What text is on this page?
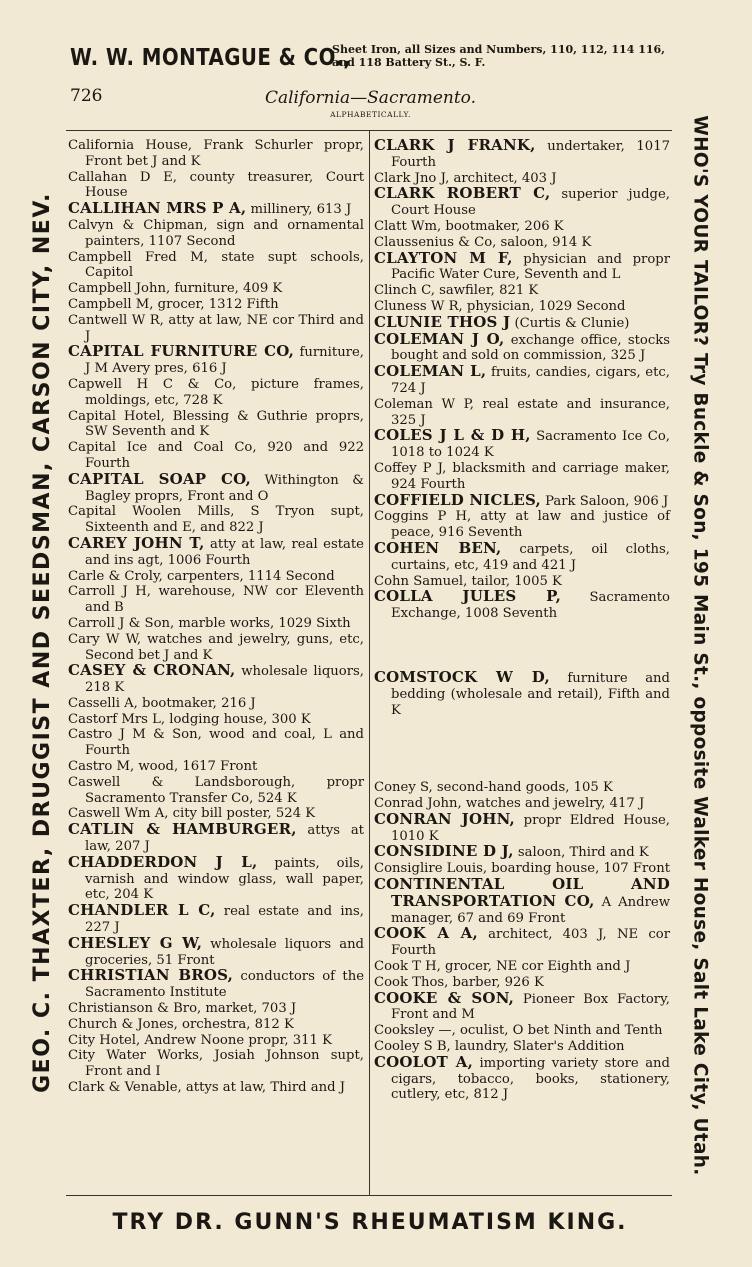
W. W. MONTAGUE & CO.,
Sheet Iron, all Sizes and Numbers, 110, 112, 114 116, and 118 Battery St., S. F.
GEO. C. THAXTER, DRUGGIST AND SEEDSMAN, CARSON CITY, NEV.	WHO'S YOUR TAILOR? Try Buckle & Son, 195 Main St., opposite Walker House, Salt Lake City, Utah.
726	California—Sacramento.
ALPHABETICALLY.
California House, Frank Schurler propr, Front bet J and K
Callahan D E, county treasurer, Court House
CALLIHAN MRS P A, millinery, 613 J
Calvyn & Chipman, sign and ornamental painters, 1107 Second
Campbell Fred M, state supt schools, Capitol
Campbell John, furniture, 409 K
Campbell M, grocer, 1312 Fifth
Cantwell W R, atty at law, NE cor Third and J
CAPITAL FURNITURE CO, furniture, J M Avery pres, 616 J
Capwell H C & Co, picture frames, moldings, etc, 728 K
Capital Hotel, Blessing & Guthrie proprs, SW Seventh and K
Capital Ice and Coal Co, 920 and 922 Fourth
CAPITAL SOAP CO, Withington & Bagley proprs, Front and O
Capital Woolen Mills, S Tryon supt, Sixteenth and E, and 822 J
CAREY JOHN T, atty at law, real estate and ins agt, 1006 Fourth
Carle & Croly, carpenters, 1114 Second
Carroll J H, warehouse, NW cor Eleventh and B
Carroll J & Son, marble works, 1029 Sixth
Cary W W, watches and jewelry, guns, etc, Second bet J and K
CASEY & CRONAN, wholesale liquors, 218 K
Casselli A, bootmaker, 216 J
Castorf Mrs L, lodging house, 300 K
Castro J M & Son, wood and coal, L and Fourth
Castro M, wood, 1617 Front
Caswell & Landsborough, propr Sacramento Transfer Co, 524 K
Caswell Wm A, city bill poster, 524 K
CATLIN & HAMBURGER, attys at law, 207 J
CHADDERDON J L, paints, oils, varnish and window glass, wall paper, etc, 204 K
CHANDLER L C, real estate and ins, 227 J
CHESLEY G W, wholesale liquors and groceries, 51 Front
CHRISTIAN BROS, conductors of the Sacramento Institute
Christianson & Bro, market, 703 J
Church & Jones, orchestra, 812 K
City Hotel, Andrew Noone propr, 311 K
City Water Works, Josiah Johnson supt, Front and I
Clark & Venable, attys at law, Third and J
CLARK J FRANK, undertaker, 1017 Fourth
Clark Jno J, architect, 403 J
CLARK ROBERT C, superior judge, Court House
Clatt Wm, bootmaker, 206 K
Claussenius & Co, saloon, 914 K
CLAYTON M F, physician and propr Pacific Water Cure, Seventh and L
Clinch C, sawfiler, 821 K
Cluness W R, physician, 1029 Second
CLUNIE THOS J (Curtis & Clunie)
COLEMAN J O, exchange office, stocks bought and sold on commission, 325 J
COLEMAN L, fruits, candies, cigars, etc, 724 J
Coleman W P, real estate and insurance, 325 J
COLES J L & D H, Sacramento Ice Co, 1018 to 1024 K
Coffey P J, blacksmith and carriage maker, 924 Fourth
COFFIELD NICLES, Park Saloon, 906 J
Coggins P H, atty at law and justice of peace, 916 Seventh
COHEN BEN, carpets, oil cloths, curtains, etc, 419 and 421 J
Cohn Samuel, tailor, 1005 K
COLLA JULES P, Sacramento Exchange, 1008 Seventh
COMSTOCK W D, furniture and bedding (wholesale and retail), Fifth and K
Coney S, second-hand goods, 105 K
Conrad John, watches and jewelry, 417 J
CONRAN JOHN, propr Eldred House, 1010 K
CONSIDINE D J, saloon, Third and K
Consiglire Louis, boarding house, 107 Front
CONTINENTAL OIL AND TRANSPORTATION CO, A Andrew manager, 67 and 69 Front
COOK A A, architect, 403 J, NE cor Fourth
Cook T H, grocer, NE cor Eighth and J
Cook Thos, barber, 926 K
COOKE & SON, Pioneer Box Factory, Front and M
Cooksley —, oculist, O bet Ninth and Tenth
Cooley S B, laundry, Slater's Addition
COOLOT A, importing variety store and cigars, tobacco, books, stationery, cutlery, etc, 812 J
TRY DR. GUNN'S RHEUMATISM KING.
